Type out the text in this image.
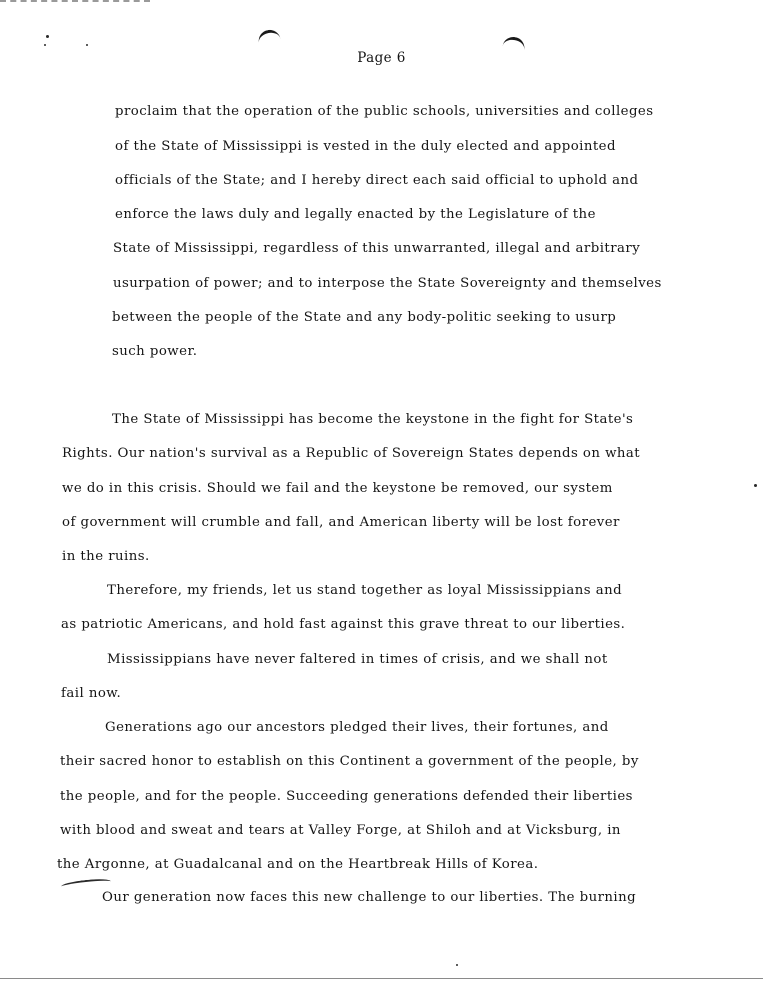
Page 6
proclaim that the operation of the public schools, universities and colleges
of the State of Mississippi is vested in the duly elected and appointed
officials of the State; and I hereby direct each said official to uphold and
enforce the laws duly and legally enacted by the Legislature of the
State of Mississippi, regardless of this unwarranted, illegal and arbitrary
usurpation of power; and to interpose the State Sovereignty and themselves
between the people of the State and any body-politic seeking to usurp
such power.
The State of Mississippi has become the keystone in the fight for State's
Rights. Our nation's survival as a Republic of Sovereign States depends on what
we do in this crisis. Should we fail and the keystone be removed, our system
of government will crumble and fall, and American liberty will be lost forever
in the ruins.
Therefore, my friends, let us stand together as loyal Mississippians and
as patriotic Americans, and hold fast against this grave threat to our liberties.
Mississippians have never faltered in times of crisis, and we shall not
fail now.
Generations ago our ancestors pledged their lives, their fortunes, and
their sacred honor to establish on this Continent a government of the people, by
the people, and for the people. Succeeding generations defended their liberties
with blood and sweat and tears at Valley Forge, at Shiloh and at Vicksburg, in
the Argonne, at Guadalcanal and on the Heartbreak Hills of Korea.
Our generation now faces this new challenge to our liberties. The burning
